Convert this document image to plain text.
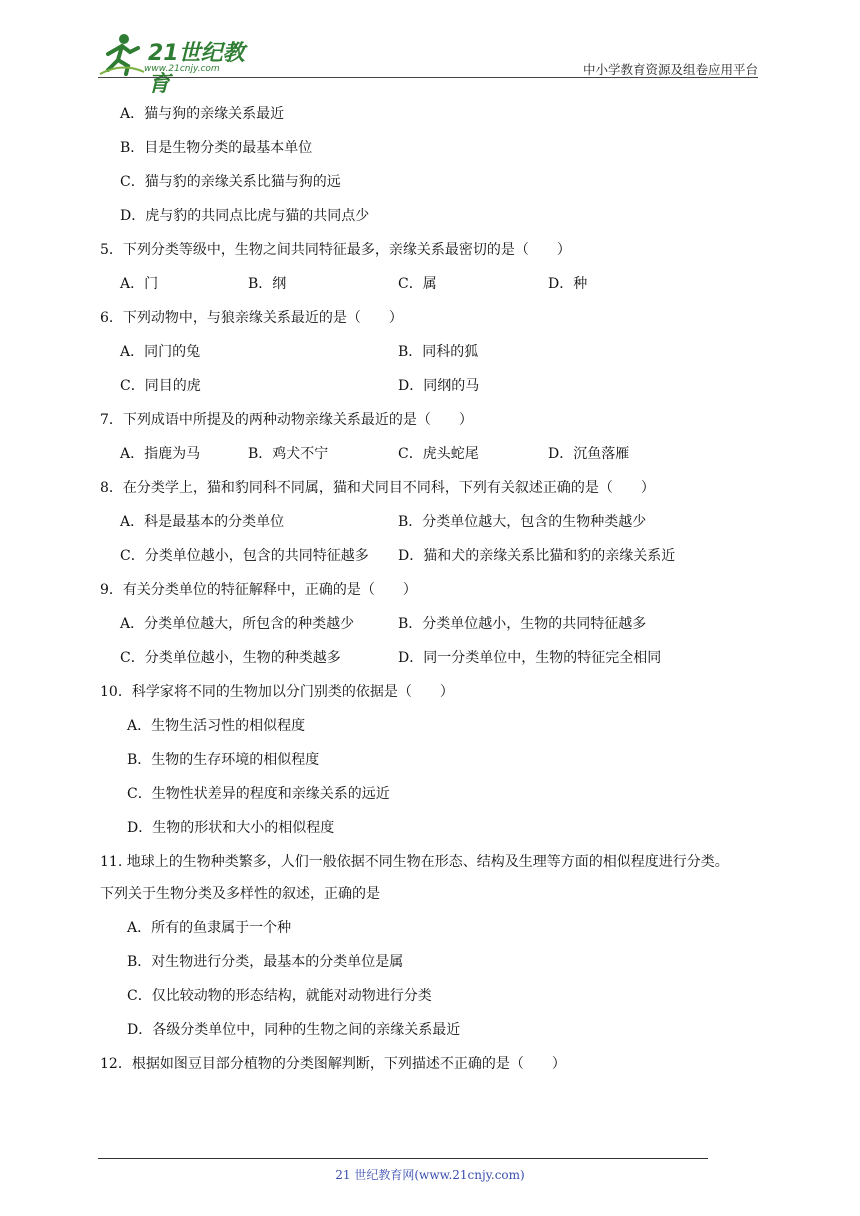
21世纪教育
www.21cnjy.com	中小学教育资源及组卷应用平台
A．猫与狗的亲缘关系最近
B．目是生物分类的最基本单位
C．猫与豹的亲缘关系比猫与狗的远
D．虎与豹的共同点比虎与猫的共同点少
5．下列分类等级中，生物之间共同特征最多，亲缘关系最密切的是（　　）
A．门	B．纲	C．属	D．种
6．下列动物中，与狼亲缘关系最近的是（　　）
A．同门的兔	B．同科的狐
C．同目的虎	D．同纲的马
7．下列成语中所提及的两种动物亲缘关系最近的是（　　）
A．指鹿为马	B．鸡犬不宁	C．虎头蛇尾	D．沉鱼落雁
8．在分类学上，猫和豹同科不同属，猫和犬同目不同科，下列有关叙述正确的是（　　）
A．科是最基本的分类单位	B．分类单位越大，包含的生物种类越少
C．分类单位越小，包含的共同特征越多 D．猫和犬的亲缘关系比猫和豹的亲缘关系近
9．有关分类单位的特征解释中，正确的是（　　）
A．分类单位越大，所包含的种类越少	B．分类单位越小，生物的共同特征越多
C．分类单位越小，生物的种类越多	D．同一分类单位中，生物的特征完全相同
10．科学家将不同的生物加以分门别类的依据是（　　）
A．生物生活习性的相似程度
B．生物的生存环境的相似程度
C．生物性状差异的程度和亲缘关系的远近
D．生物的形状和大小的相似程度
11. 地球上的生物种类繁多，人们一般依据不同生物在形态、结构及生理等方面的相似程度进行分类。
下列关于生物分类及多样性的叙述，正确的是
A．所有的鱼隶属于一个种
B．对生物进行分类，最基本的分类单位是属
C．仅比较动物的形态结构，就能对动物进行分类
D．各级分类单位中，同种的生物之间的亲缘关系最近
12．根据如图豆目部分植物的分类图解判断，下列描述不正确的是（　　）
21 世纪教育网(www.21cnjy.com)
